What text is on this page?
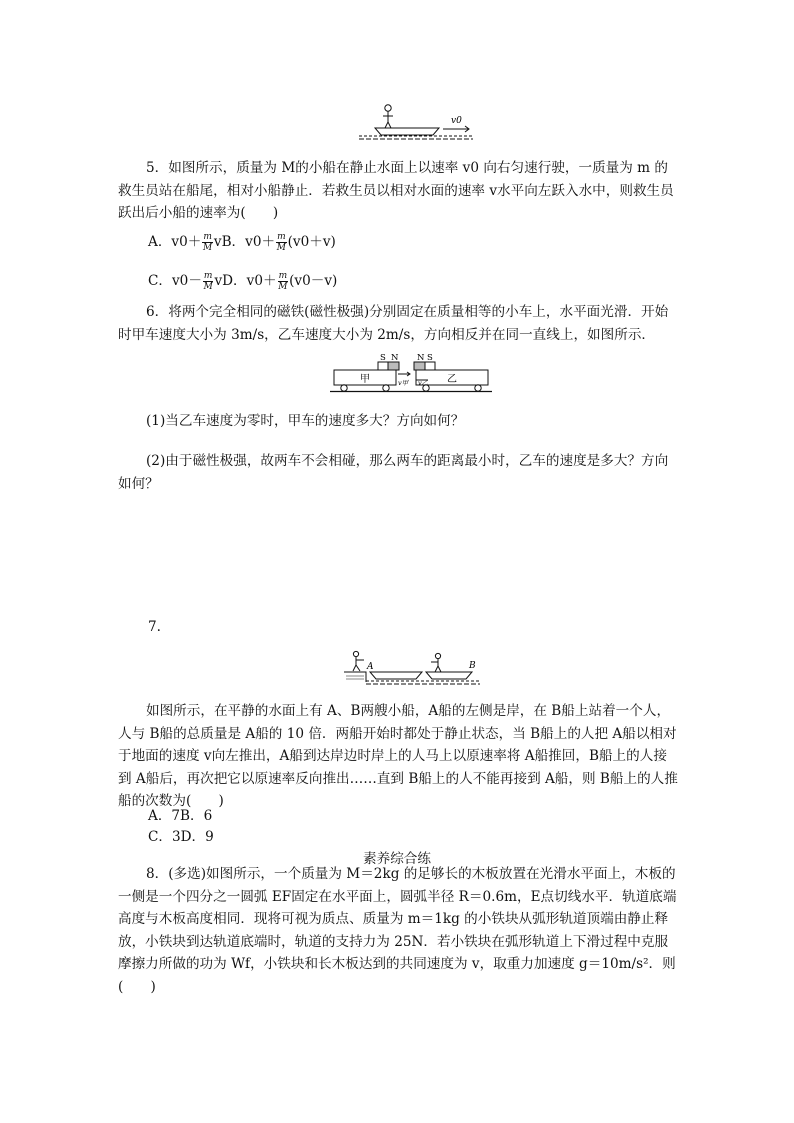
v0
5．如图所示，质量为 M的小船在静止水面上以速率 v0 向右匀速行驶，一质量为 m 的救生员站在船尾，相对小船静止．若救生员以相对水面的速率 v水平向左跃入水中，则救生员跃出后小船的速率为(　　)
A．$v0+ \frac{m}{M}$ vB．$v0+ \frac{m}{M} (v0+v)$
C．$v0- \frac{m}{M}$ vD．$v0+ \frac{m}{M} (v0-v)$
6．将两个完全相同的磁铁(磁性极强)分别固定在质量相等的小车上，水平面光滑．开始时甲车速度大小为 3m/s，乙车速度大小为 2m/s，方向相反并在同一直线上，如图所示．
S N N S
甲	乙
v甲 v乙
(1)当乙车速度为零时，甲车的速度多大？方向如何？
(2)由于磁性极强，故两车不会相碰，那么两车的距离最小时，乙车的速度是多大？方向如何？
7.
A	B
如图所示，在平静的水面上有 A、B两艘小船，A船的左侧是岸，在 B船上站着一个人，人与 B船的总质量是 A船的 10 倍．两船开始时都处于静止状态，当 B船上的人把 A船以相对于地面的速度 v向左推出，A船到达岸边时岸上的人马上以原速率将 A船推回，B船上的人接到 A船后，再次把它以原速率反向推出……直到 B船上的人不能再接到 A船，则 B船上的人推船的次数为(　　)
A．7B．6
C．3D．9
素养综合练
8．(多选)如图所示，一个质量为 M＝2kg 的足够长的木板放置在光滑水平面上，木板的一侧是一个四分之一圆弧 EF固定在水平面上，圆弧半径 R＝0.6m，E点切线水平．轨道底端高度与木板高度相同．现将可视为质点、质量为 m＝1kg 的小铁块从弧形轨道顶端由静止释放，小铁块到达轨道底端时，轨道的支持力为 25N．若小铁块在弧形轨道上下滑过程中克服摩擦力所做的功为 Wf，小铁块和长木板达到的共同速度为 v，取重力加速度 g＝10m/s²．则(　　)
